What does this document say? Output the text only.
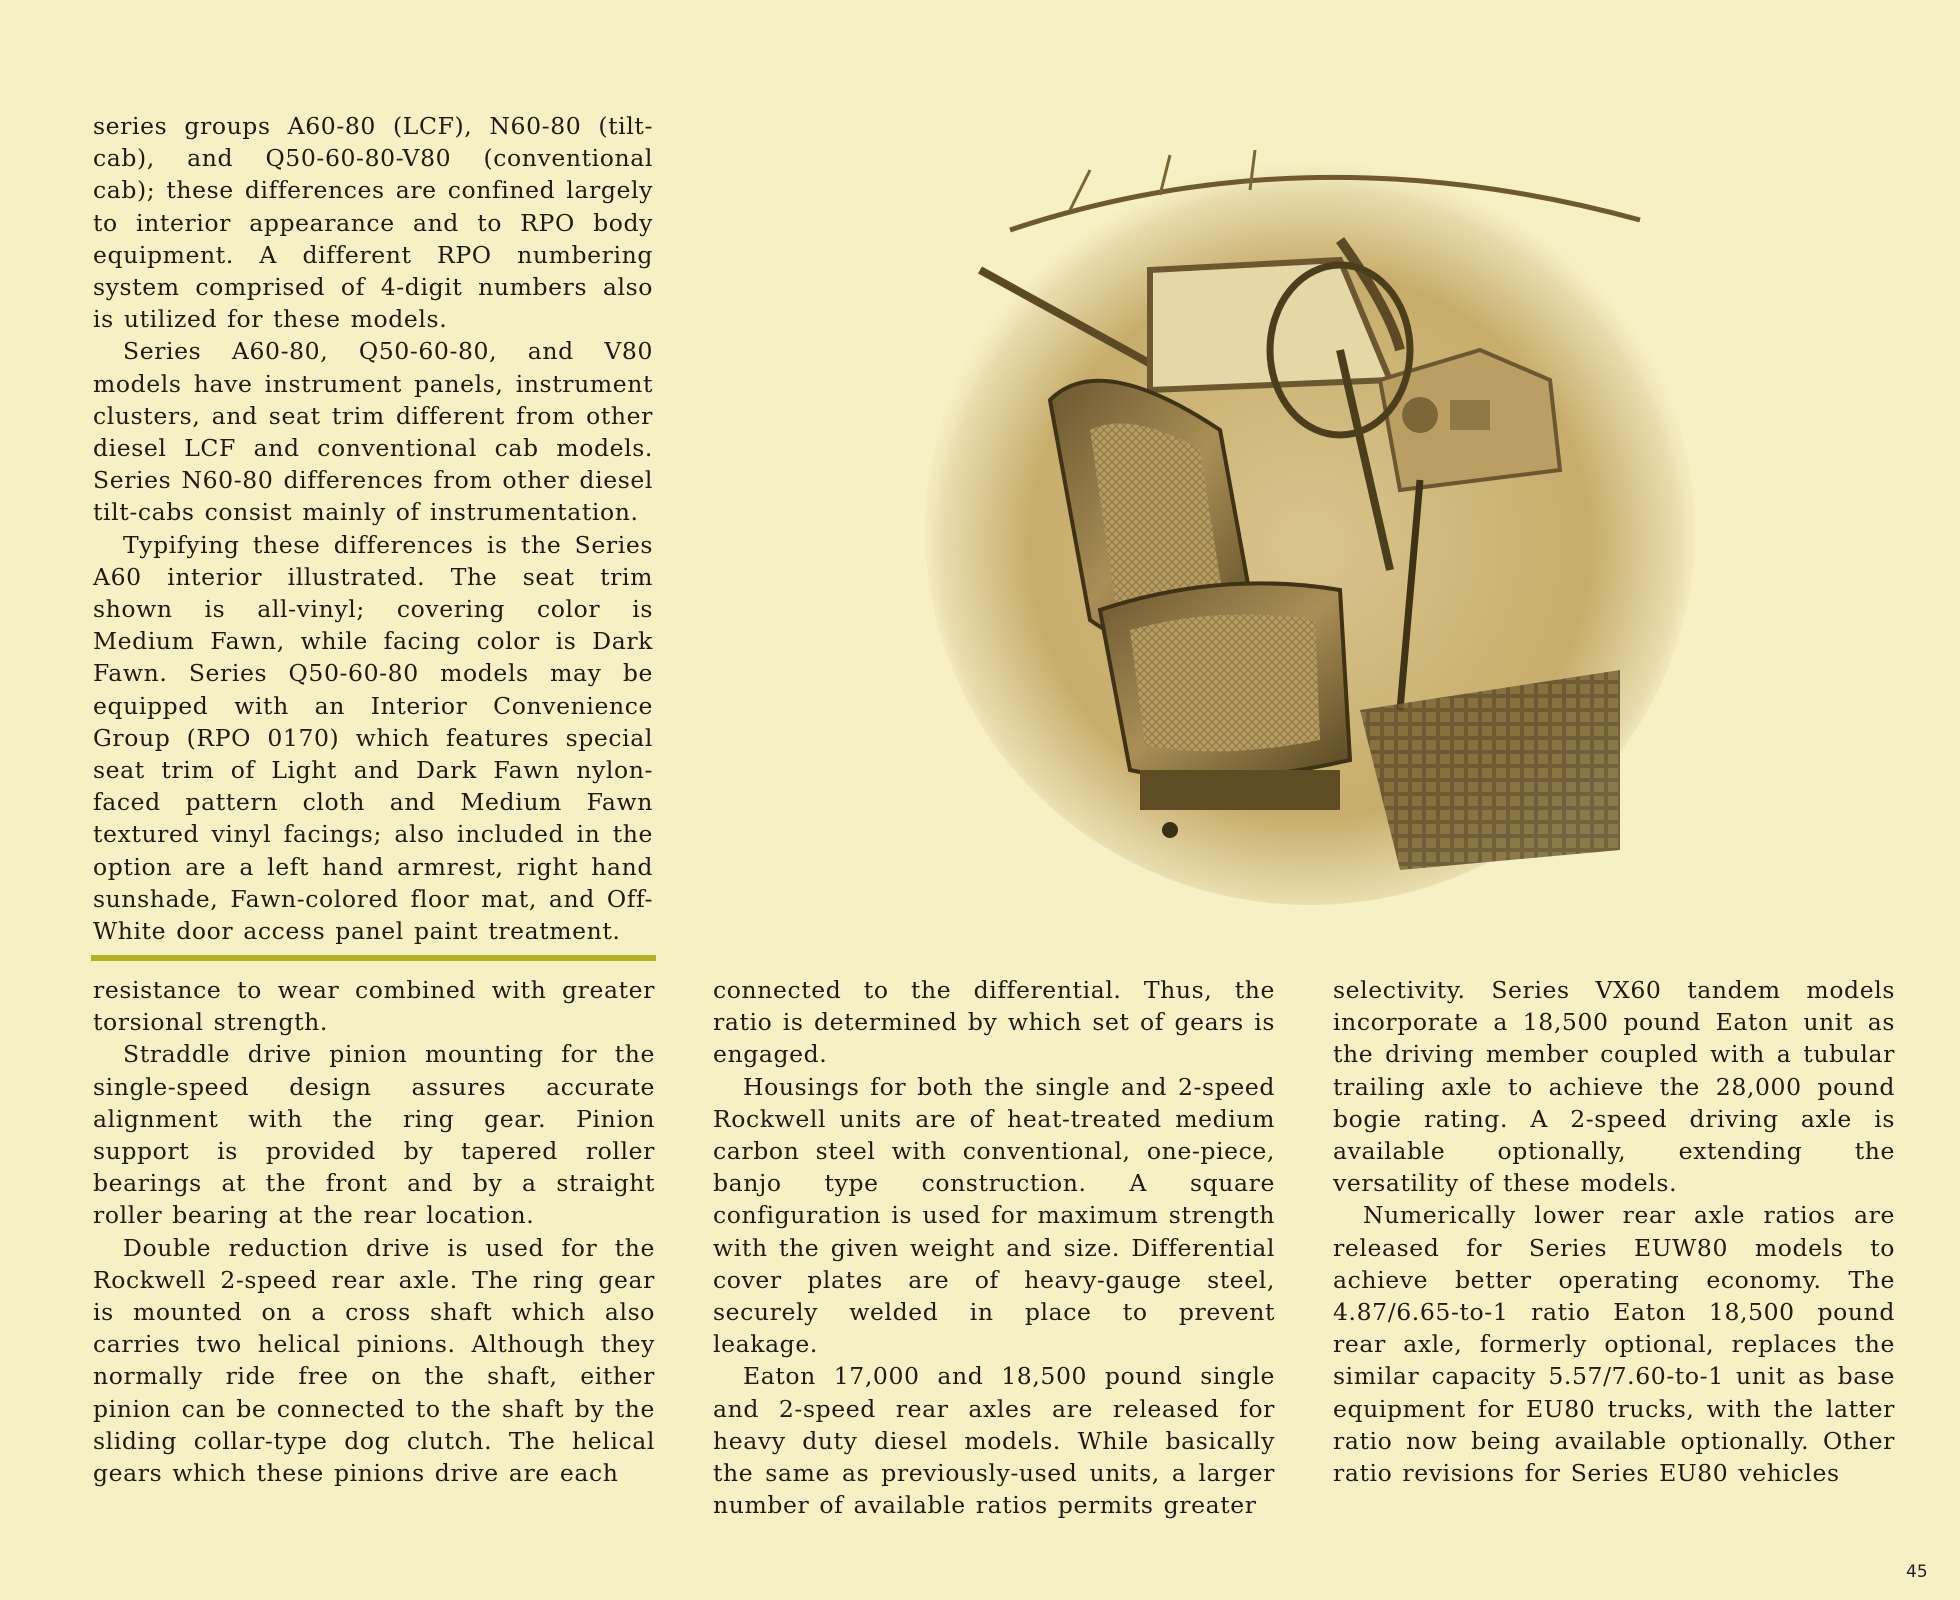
series groups A60-80 (LCF), N60-80 (tilt-cab), and Q50-60-80-V80 (conventional cab); these differences are confined largely to interior appearance and to RPO body equipment. A different RPO numbering system comprised of 4-digit numbers also is utilized for these models.

Series A60-80, Q50-60-80, and V80 models have instrument panels, instrument clusters, and seat trim different from other diesel LCF and conventional cab models. Series N60-80 differences from other diesel tilt-cabs consist mainly of instrumentation.

Typifying these differences is the Series A60 interior illustrated. The seat trim shown is all-vinyl; covering color is Medium Fawn, while facing color is Dark Fawn. Series Q50-60-80 models may be equipped with an Interior Convenience Group (RPO 0170) which features special seat trim of Light and Dark Fawn nylon-faced pattern cloth and Medium Fawn textured vinyl facings; also included in the option are a left hand armrest, right hand sunshade, Fawn-colored floor mat, and Off-White door access panel paint treatment.

resistance to wear combined with greater torsional strength.

Straddle drive pinion mounting for the single-speed design assures accurate alignment with the ring gear. Pinion support is provided by tapered roller bearings at the front and by a straight roller bearing at the rear location.

Double reduction drive is used for the Rockwell 2-speed rear axle. The ring gear is mounted on a cross shaft which also carries two helical pinions. Although they normally ride free on the shaft, either pinion can be connected to the shaft by the sliding collar-type dog clutch. The helical gears which these pinions drive are each

connected to the differential. Thus, the ratio is determined by which set of gears is engaged.

Housings for both the single and 2-speed Rockwell units are of heat-treated medium carbon steel with conventional, one-piece, banjo type construction. A square configuration is used for maximum strength with the given weight and size. Differential cover plates are of heavy-gauge steel, securely welded in place to prevent leakage.

Eaton 17,000 and 18,500 pound single and 2-speed rear axles are released for heavy duty diesel models. While basically the same as previously-used units, a larger number of available ratios permits greater

selectivity. Series VX60 tandem models incorporate a 18,500 pound Eaton unit as the driving member coupled with a tubular trailing axle to achieve the 28,000 pound bogie rating. A 2-speed driving axle is available optionally, extending the versatility of these models.

Numerically lower rear axle ratios are released for Series EUW80 models to achieve better operating economy. The 4.87/6.65-to-1 ratio Eaton 18,500 pound rear axle, formerly optional, replaces the similar capacity 5.57/7.60-to-1 unit as base equipment for EU80 trucks, with the latter ratio now being available optionally. Other ratio revisions for Series EU80 vehicles

45
